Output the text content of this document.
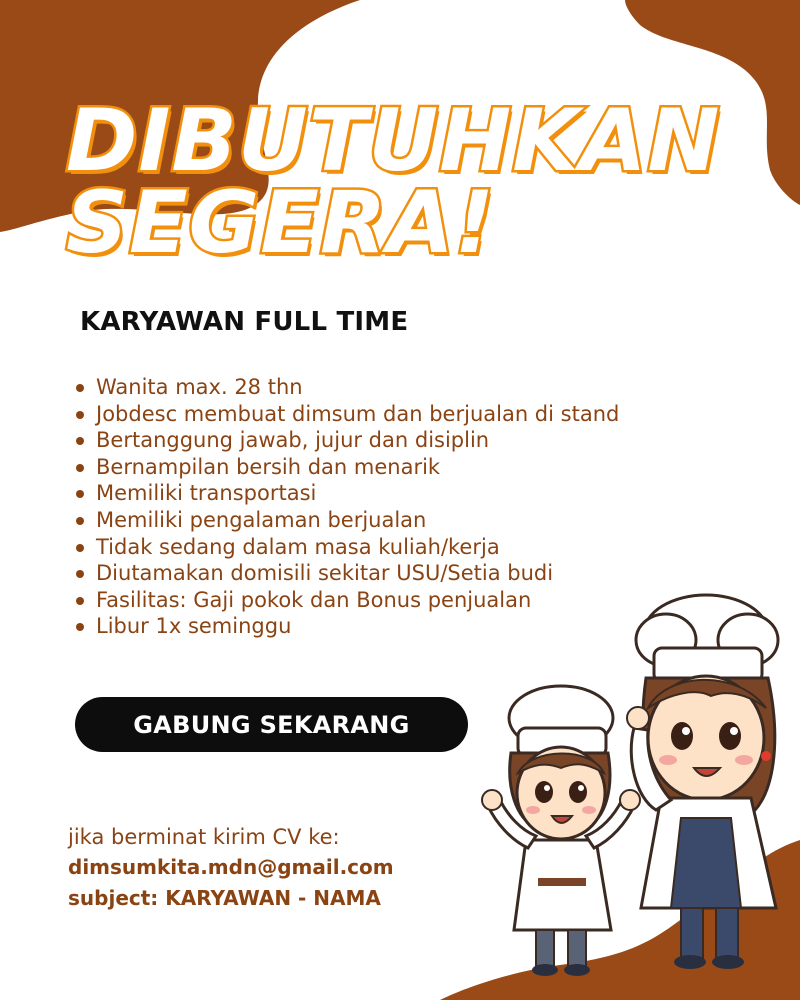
DIBUTUHKAN
SEGERA!
KARYAWAN FULL TIME
Wanita max. 28 thn
Jobdesc membuat dimsum dan berjualan di stand
Bertanggung jawab, jujur dan disiplin
Bernampilan bersih dan menarik
Memiliki transportasi
Memiliki pengalaman berjualan
Tidak sedang dalam masa kuliah/kerja
Diutamakan domisili sekitar USU/Setia budi
Fasilitas: Gaji pokok dan Bonus penjualan
Libur 1x seminggu
GABUNG SEKARANG
jika berminat kirim CV ke:
dimsumkita.mdn@gmail.com
subject: KARYAWAN - NAMA
